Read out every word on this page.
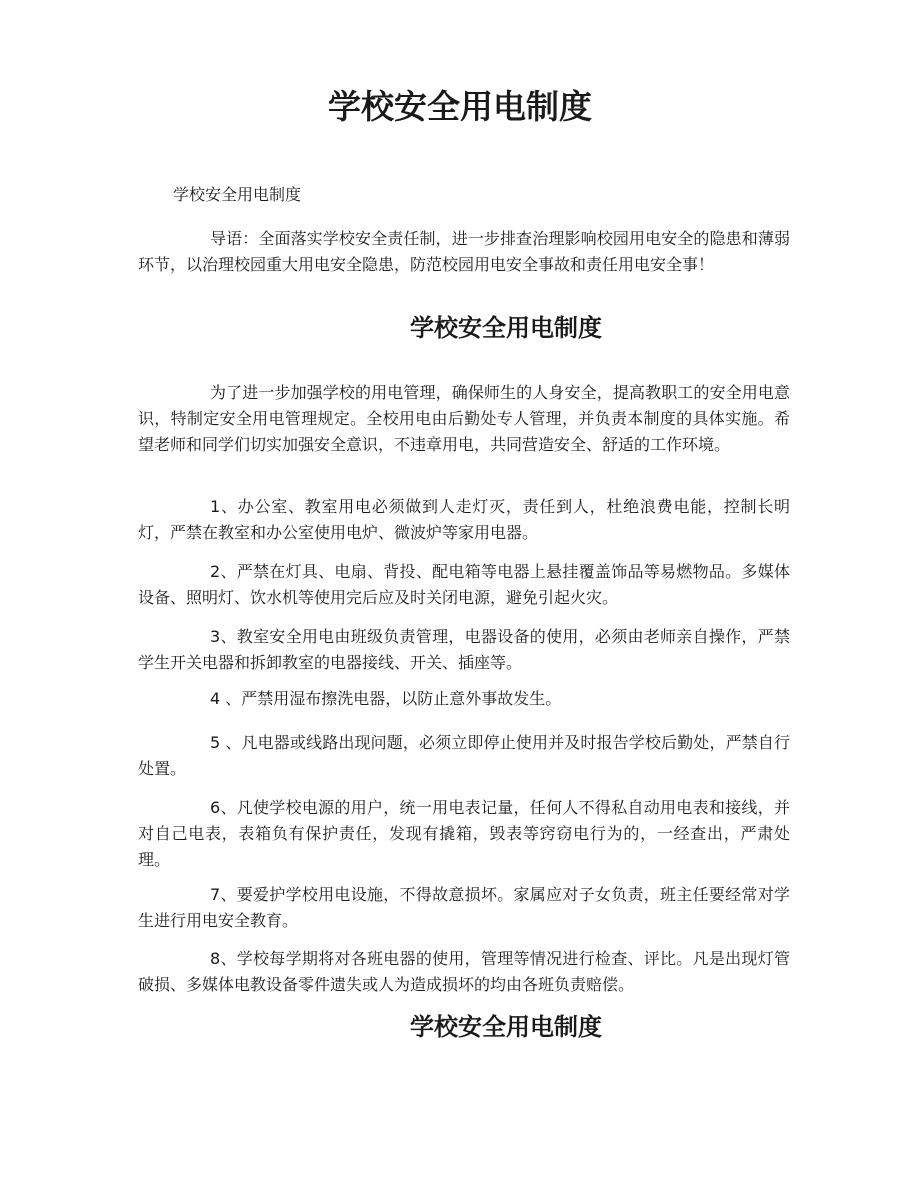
学校安全用电制度

学校安全用电制度

导语：全面落实学校安全责任制，进一步排查治理影响校园用电安全的隐患和薄弱环节，以治理校园重大用电安全隐患，防范校园用电安全事故和责任用电安全事！

学校安全用电制度

为了进一步加强学校的用电管理，确保师生的人身安全，提高教职工的安全用电意识，特制定安全用电管理规定。全校用电由后勤处专人管理，并负责本制度的具体实施。希望老师和同学们切实加强安全意识，不违章用电，共同营造安全、舒适的工作环境。

1、办公室、教室用电必须做到人走灯灭，责任到人，杜绝浪费电能，控制长明灯，严禁在教室和办公室使用电炉、微波炉等家用电器。

2、严禁在灯具、电扇、背投、配电箱等电器上悬挂覆盖饰品等易燃物品。多媒体设备、照明灯、饮水机等使用完后应及时关闭电源，避免引起火灾。

3、教室安全用电由班级负责管理，电器设备的使用，必须由老师亲自操作，严禁学生开关电器和拆卸教室的电器接线、开关、插座等。

4 、严禁用湿布擦洗电器，以防止意外事故发生。

5 、凡电器或线路出现问题，必须立即停止使用并及时报告学校后勤处，严禁自行处置。

6、凡使学校电源的用户，统一用电表记量，任何人不得私自动用电表和接线，并对自己电表，表箱负有保护责任，发现有撬箱，毁表等窍窃电行为的，一经查出，严肃处理。

7、要爱护学校用电设施，不得故意损坏。家属应对子女负责，班主任要经常对学生进行用电安全教育。

8、学校每学期将对各班电器的使用，管理等情况进行检查、评比。凡是出现灯管破损、多媒体电教设备零件遗失或人为造成损坏的均由各班负责赔偿。

学校安全用电制度
